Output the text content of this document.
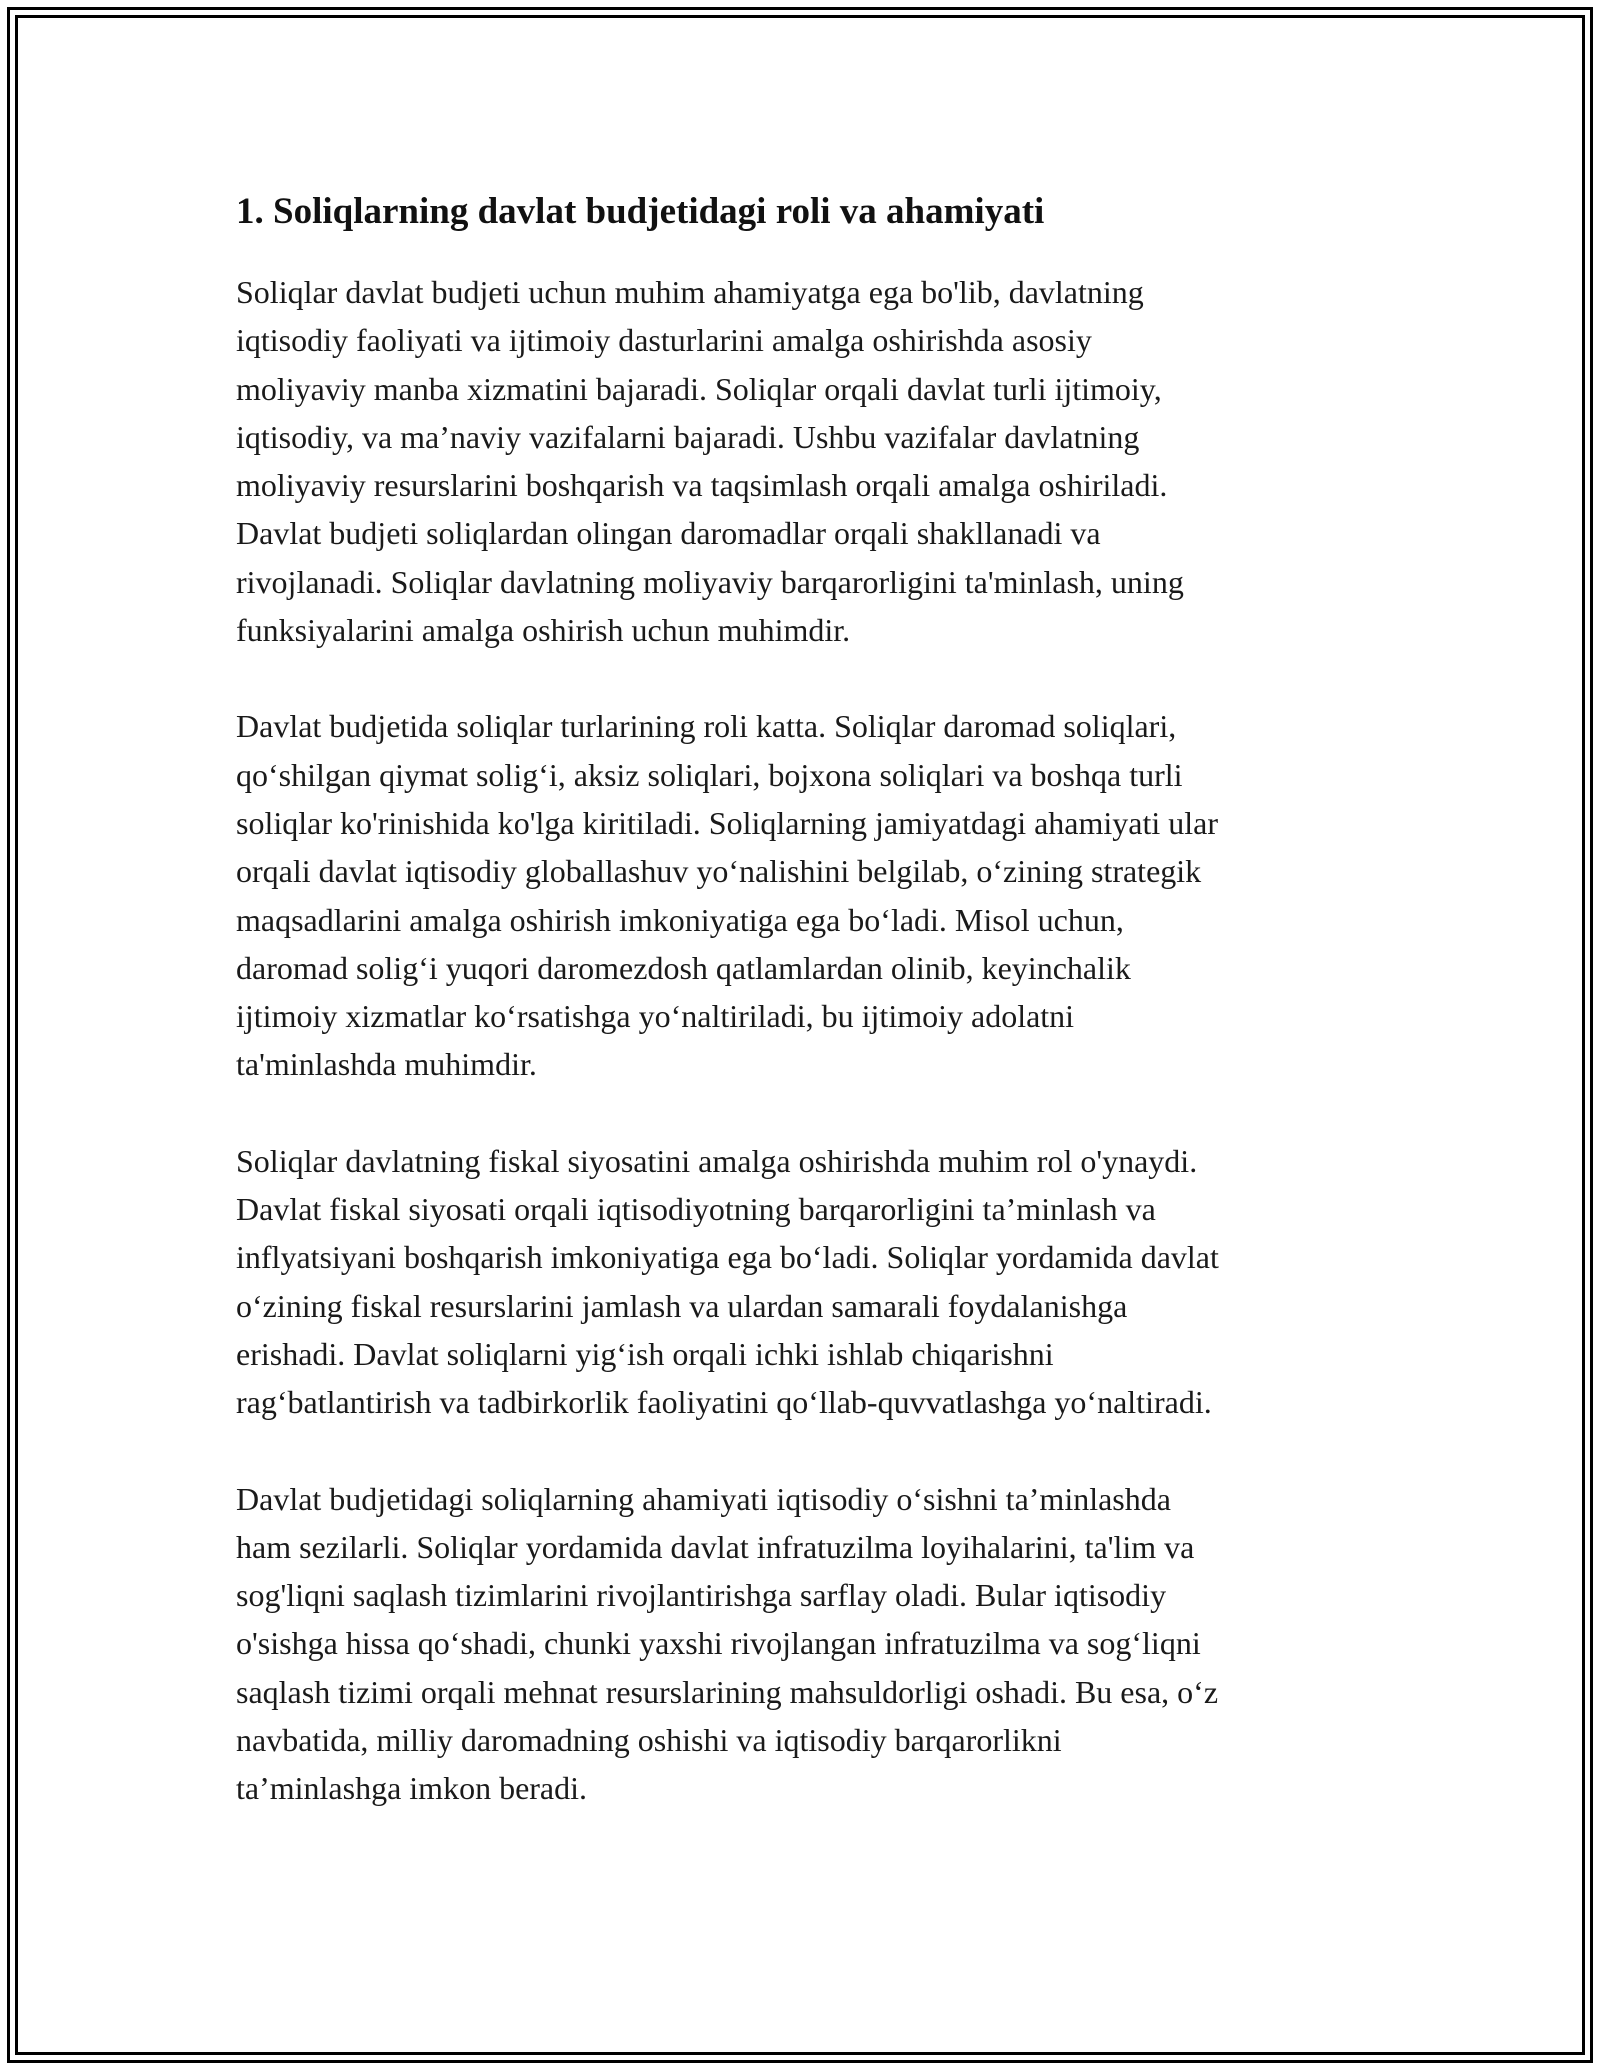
1. Soliqlarning davlat budjetidagi roli va ahamiyati

Soliqlar davlat budjeti uchun muhim ahamiyatga ega bo'lib, davlatning
iqtisodiy faoliyati va ijtimoiy dasturlarini amalga oshirishda asosiy
moliyaviy manba xizmatini bajaradi. Soliqlar orqali davlat turli ijtimoiy,
iqtisodiy, va ma’naviy vazifalarni bajaradi. Ushbu vazifalar davlatning
moliyaviy resurslarini boshqarish va taqsimlash orqali amalga oshiriladi.
Davlat budjeti soliqlardan olingan daromadlar orqali shakllanadi va
rivojlanadi. Soliqlar davlatning moliyaviy barqarorligini ta'minlash, uning
funksiyalarini amalga oshirish uchun muhimdir.

Davlat budjetida soliqlar turlarining roli katta. Soliqlar daromad soliqlari,
qo‘shilgan qiymat solig‘i, aksiz soliqlari, bojxona soliqlari va boshqa turli
soliqlar ko'rinishida ko'lga kiritiladi. Soliqlarning jamiyatdagi ahamiyati ular
orqali davlat iqtisodiy globallashuv yo‘nalishini belgilab, o‘zining strategik
maqsadlarini amalga oshirish imkoniyatiga ega bo‘ladi. Misol uchun,
daromad solig‘i yuqori daromezdosh qatlamlardan olinib, keyinchalik
ijtimoiy xizmatlar ko‘rsatishga yo‘naltiriladi, bu ijtimoiy adolatni
ta'minlashda muhimdir.

Soliqlar davlatning fiskal siyosatini amalga oshirishda muhim rol o'ynaydi.
Davlat fiskal siyosati orqali iqtisodiyotning barqarorligini ta’minlash va
inflyatsiyani boshqarish imkoniyatiga ega bo‘ladi. Soliqlar yordamida davlat
o‘zining fiskal resurslarini jamlash va ulardan samarali foydalanishga
erishadi. Davlat soliqlarni yig‘ish orqali ichki ishlab chiqarishni
rag‘batlantirish va tadbirkorlik faoliyatini qo‘llab-quvvatlashga yo‘naltiradi.

Davlat budjetidagi soliqlarning ahamiyati iqtisodiy o‘sishni ta’minlashda
ham sezilarli. Soliqlar yordamida davlat infratuzilma loyihalarini, ta'lim va
sog'liqni saqlash tizimlarini rivojlantirishga sarflay oladi. Bular iqtisodiy
o'sishga hissa qo‘shadi, chunki yaxshi rivojlangan infratuzilma va sog‘liqni
saqlash tizimi orqali mehnat resurslarining mahsuldorligi oshadi. Bu esa, o‘z
navbatida, milliy daromadning oshishi va iqtisodiy barqarorlikni
ta’minlashga imkon beradi.
